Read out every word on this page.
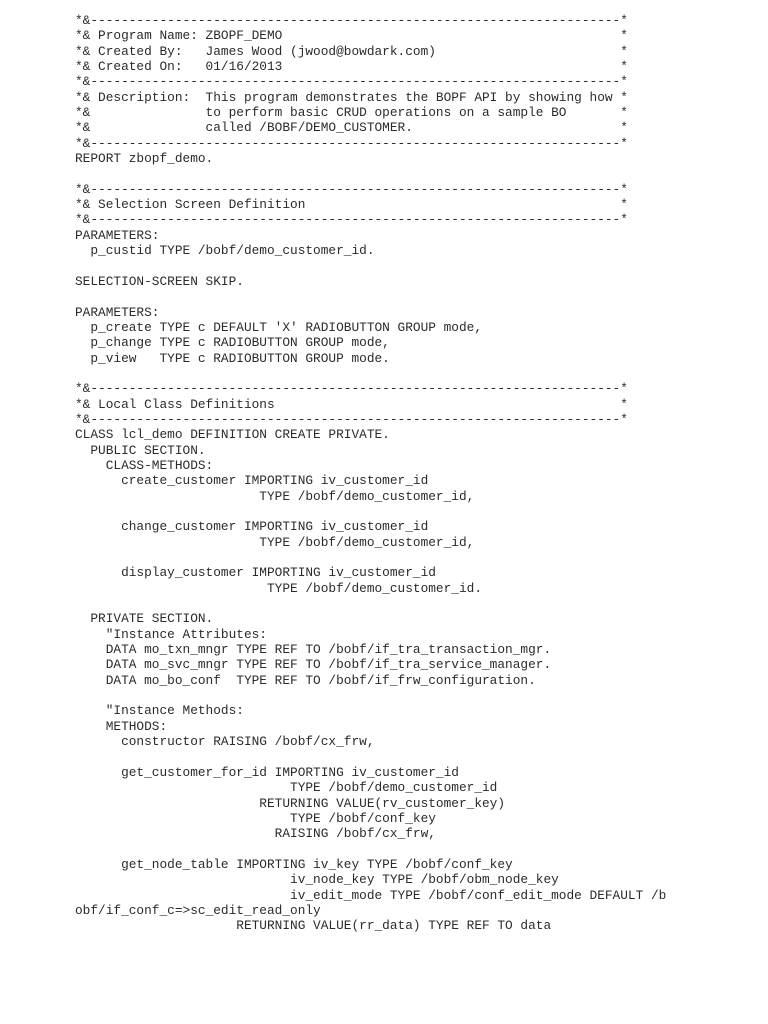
*&---------------------------------------------------------------------*
*& Program Name: ZBOPF_DEMO                                            *
*& Created By:   James Wood (jwood@bowdark.com)                        *
*& Created On:   01/16/2013                                            *
*&---------------------------------------------------------------------*
*& Description:  This program demonstrates the BOPF API by showing how *
*&               to perform basic CRUD operations on a sample BO       *
*&               called /BOBF/DEMO_CUSTOMER.                           *
*&---------------------------------------------------------------------*
REPORT zbopf_demo.

*&---------------------------------------------------------------------*
*& Selection Screen Definition                                         *
*&---------------------------------------------------------------------*
PARAMETERS:
p_custid TYPE /bobf/demo_customer_id.

SELECTION-SCREEN SKIP.

PARAMETERS:
p_create TYPE c DEFAULT 'X' RADIOBUTTON GROUP mode,
p_change TYPE c RADIOBUTTON GROUP mode,
p_view   TYPE c RADIOBUTTON GROUP mode.

*&---------------------------------------------------------------------*
*& Local Class Definitions                                             *
*&---------------------------------------------------------------------*
CLASS lcl_demo DEFINITION CREATE PRIVATE.
PUBLIC SECTION.
CLASS-METHODS:
create_customer IMPORTING iv_customer_id
TYPE /bobf/demo_customer_id,

change_customer IMPORTING iv_customer_id
TYPE /bobf/demo_customer_id,

display_customer IMPORTING iv_customer_id
TYPE /bobf/demo_customer_id.

PRIVATE SECTION.
"Instance Attributes:
DATA mo_txn_mngr TYPE REF TO /bobf/if_tra_transaction_mgr.
DATA mo_svc_mngr TYPE REF TO /bobf/if_tra_service_manager.
DATA mo_bo_conf  TYPE REF TO /bobf/if_frw_configuration.

"Instance Methods:
METHODS:
constructor RAISING /bobf/cx_frw,

get_customer_for_id IMPORTING iv_customer_id
TYPE /bobf/demo_customer_id
RETURNING VALUE(rv_customer_key)
TYPE /bobf/conf_key
RAISING /bobf/cx_frw,

get_node_table IMPORTING iv_key TYPE /bobf/conf_key
iv_node_key TYPE /bobf/obm_node_key
iv_edit_mode TYPE /bobf/conf_edit_mode DEFAULT /b
obf/if_conf_c=>sc_edit_read_only
RETURNING VALUE(rr_data) TYPE REF TO data
